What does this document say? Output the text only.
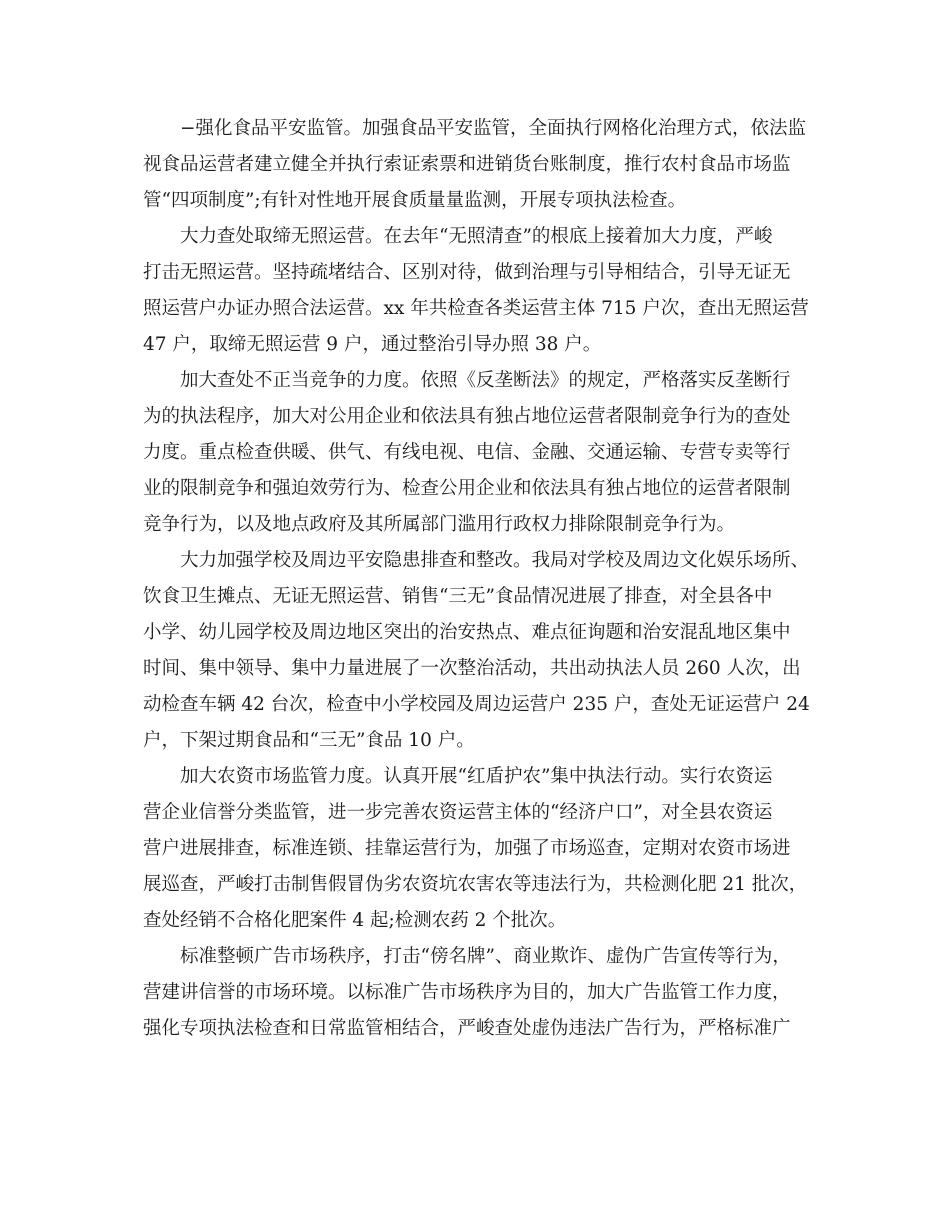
−强化食品平安监管。加强食品平安监管，全面执行网格化治理方式，依法监
视食品运营者建立健全并执行索证索票和进销货台账制度，推行农村食品市场监
管“四项制度”;有针对性地开展食质量量监测，开展专项执法检查。
大力查处取缔无照运营。在去年“无照清查”的根底上接着加大力度，严峻
打击无照运营。坚持疏堵结合、区别对待，做到治理与引导相结合，引导无证无
照运营户办证办照合法运营。xx 年共检查各类运营主体 715 户次，查出无照运营
47 户，取缔无照运营 9 户，通过整治引导办照 38 户。
加大查处不正当竞争的力度。依照《反垄断法》的规定，严格落实反垄断行
为的执法程序，加大对公用企业和依法具有独占地位运营者限制竞争行为的查处
力度。重点检查供暖、供气、有线电视、电信、金融、交通运输、专营专卖等行
业的限制竞争和强迫效劳行为、检查公用企业和依法具有独占地位的运营者限制
竞争行为，以及地点政府及其所属部门滥用行政权力排除限制竞争行为。
大力加强学校及周边平安隐患排查和整改。我局对学校及周边文化娱乐场所、
饮食卫生摊点、无证无照运营、销售“三无”食品情况进展了排查，对全县各中
小学、幼儿园学校及周边地区突出的治安热点、难点征询题和治安混乱地区集中
时间、集中领导、集中力量进展了一次整治活动，共出动执法人员 260 人次，出
动检查车辆 42 台次，检查中小学校园及周边运营户 235 户，查处无证运营户 24
户，下架过期食品和“三无”食品 10 户。
加大农资市场监管力度。认真开展“红盾护农”集中执法行动。实行农资运
营企业信誉分类监管，进一步完善农资运营主体的“经济户口”，对全县农资运
营户进展排查，标准连锁、挂靠运营行为，加强了市场巡查，定期对农资市场进
展巡查，严峻打击制售假冒伪劣农资坑农害农等违法行为，共检测化肥 21 批次，
查处经销不合格化肥案件 4 起;检测农药 2 个批次。
标准整顿广告市场秩序，打击“傍名牌”、商业欺诈、虚伪广告宣传等行为，
营建讲信誉的市场环境。以标准广告市场秩序为目的，加大广告监管工作力度，
强化专项执法检查和日常监管相结合，严峻查处虚伪违法广告行为，严格标准广
